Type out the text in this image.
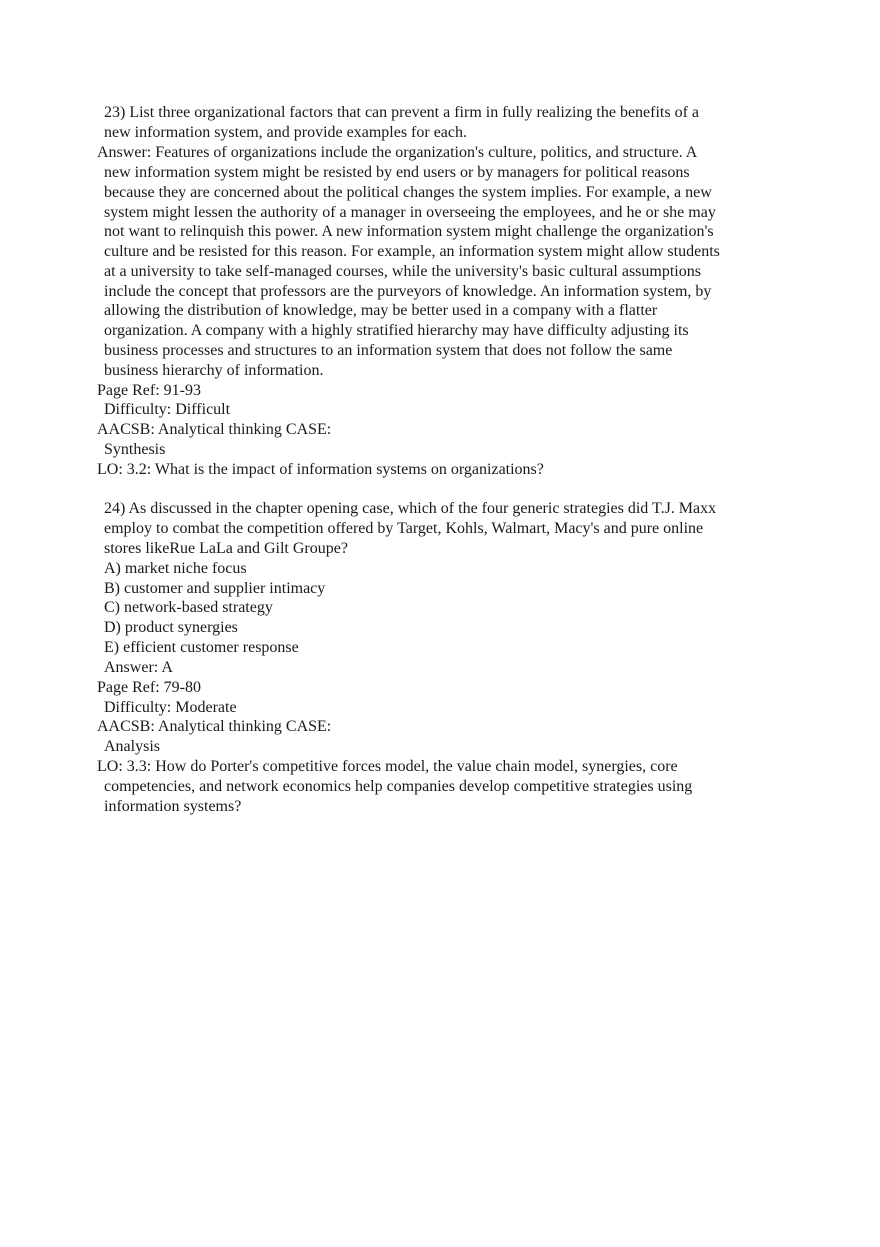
23) List three organizational factors that can prevent a firm in fully realizing the benefits of a

new information system, and provide examples for each.

Answer: Features of organizations include the organization's culture, politics, and structure. A

new information system might be resisted by end users or by managers for political reasons

because they are concerned about the political changes the system implies. For example, a new

system might lessen the authority of a manager in overseeing the employees, and he or she may

not want to relinquish this power. A new information system might challenge the organization's

culture and be resisted for this reason. For example, an information system might allow students

at a university to take self-managed courses, while the university's basic cultural assumptions

include the concept that professors are the purveyors of knowledge. An information system, by

allowing the distribution of knowledge, may be better used in a company with a flatter

organization. A company with a highly stratified hierarchy may have difficulty adjusting its

business processes and structures to an information system that does not follow the same

business hierarchy of information.

Page Ref: 91-93

Difficulty: Difficult

AACSB: Analytical thinking CASE:

Synthesis

LO: 3.2: What is the impact of information systems on organizations?

24) As discussed in the chapter opening case, which of the four generic strategies did T.J. Maxx

employ to combat the competition offered by Target, Kohls, Walmart, Macy's and pure online

stores likeRue LaLa and Gilt Groupe?

A) market niche focus

B) customer and supplier intimacy

C) network-based strategy

D) product synergies

E) efficient customer response

Answer: A

Page Ref: 79-80

Difficulty: Moderate

AACSB: Analytical thinking CASE:

Analysis

LO: 3.3: How do Porter's competitive forces model, the value chain model, synergies, core

competencies, and network economics help companies develop competitive strategies using

information systems?
